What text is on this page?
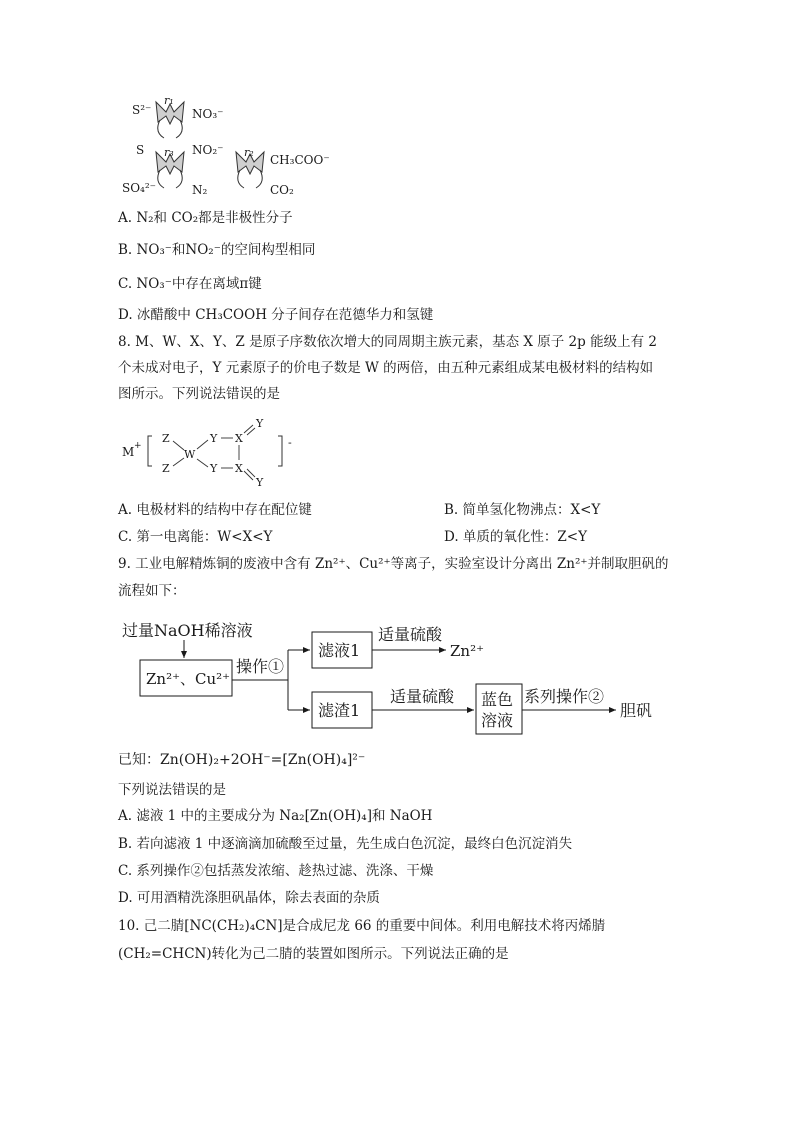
r₁
S²⁻	NO₃⁻
S r₃ NO₂⁻
SO₄²⁻	N₂
r₂
CH₃COO⁻
CO₂
A. N₂和 CO₂都是非极性分子
B. NO₃⁻和NO₂⁻的空间构型相同
C. NO₃⁻中存在离域π键
D. 冰醋酸中 CH₃COOH 分子间存在范德华力和氢键
8. M、W、X、Y、Z 是原子序数依次增大的同周期主族元素，基态 X 原子 2p 能级上有 2
个未成对电子，Y 元素原子的价电子数是 W 的两倍，由五种元素组成某电极材料的结构如
图所示。下列说法错误的是
M +
Z
Z
W
Y
Y
X
X
Y
Y
-
A. 电极材料的结构中存在配位键	B. 简单氢化物沸点：X<Y
C. 第一电离能：W<X<Y	D. 单质的氧化性：Z<Y
9. 工业电解精炼铜的废液中含有 Zn²⁺、Cu²⁺等离子，实验室设计分离出 Zn²⁺并制取胆矾的
流程如下：
过量NaOH稀溶液
Zn²⁺、Cu²⁺
操作①
滤液1
适量硫酸
Zn²⁺
滤渣1
适量硫酸 蓝色
溶液
系列操作②
胆矾
已知：Zn(OH)₂+2OH⁻=[Zn(OH)₄]²⁻
下列说法错误的是
A. 滤液 1 中的主要成分为 Na₂[Zn(OH)₄]和 NaOH
B. 若向滤液 1 中逐滴滴加硫酸至过量，先生成白色沉淀，最终白色沉淀消失
C. 系列操作②包括蒸发浓缩、趁热过滤、洗涤、干燥
D. 可用酒精洗涤胆矾晶体，除去表面的杂质
10. 己二腈[NC(CH₂)₄CN]是合成尼龙 66 的重要中间体。利用电解技术将丙烯腈
(CH₂=CHCN)转化为己二腈的装置如图所示。下列说法正确的是
